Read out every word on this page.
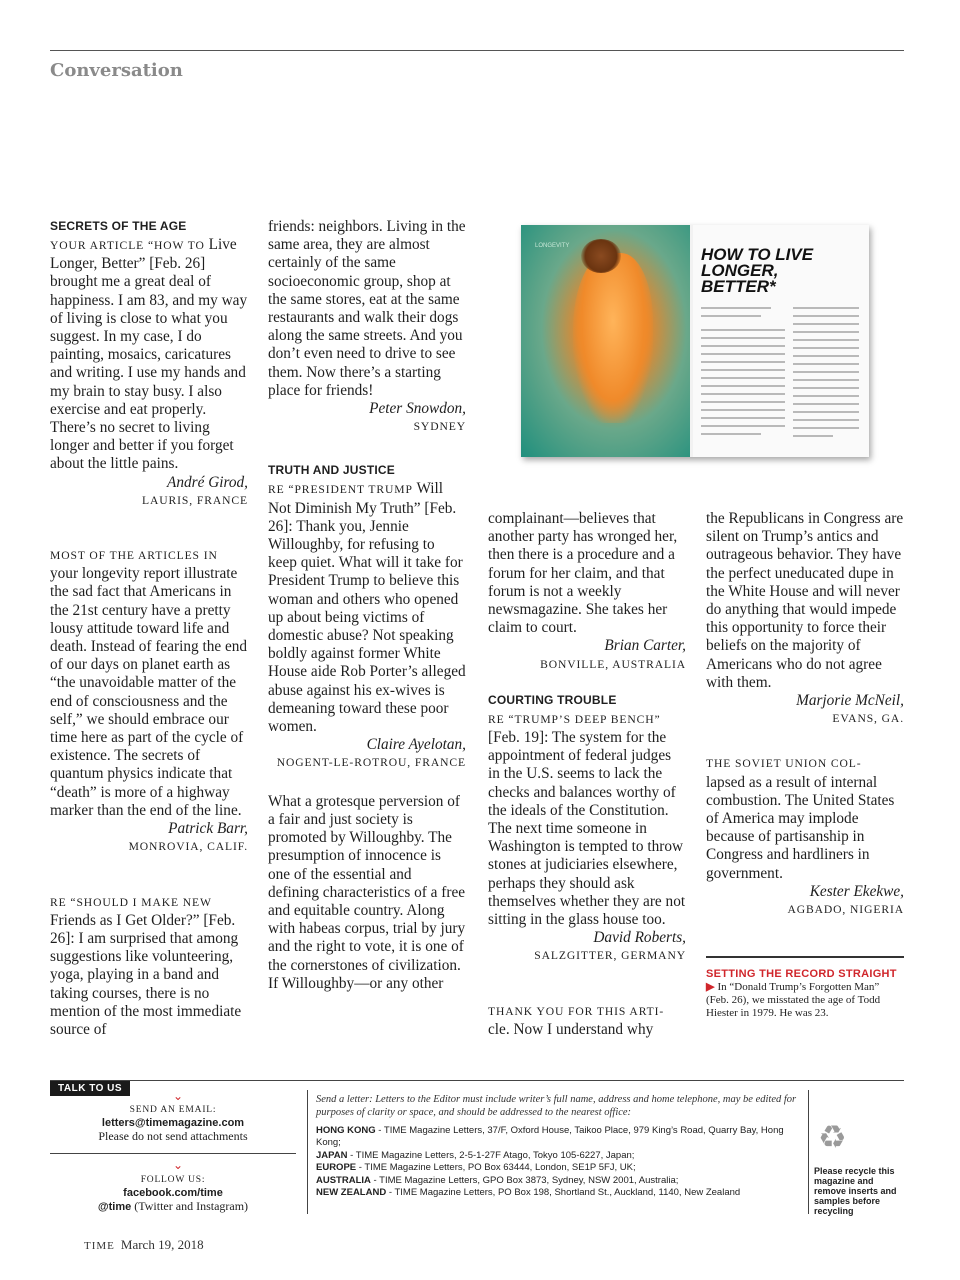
Conversation

SECRETS OF THE AGE

YOUR ARTICLE “HOW TO Live Longer, Better” [Feb. 26] brought me a great deal of happiness. I am 83, and my way of living is close to what you suggest. In my case, I do painting, mosaics, caricatures and writing. I use my hands and my brain to stay busy. I also exercise and eat properly. There’s no secret to living longer and better if you forget about the little pains.

André Girod,

LAURIS, FRANCE

MOST OF THE ARTICLES IN your longevity report illustrate the sad fact that Americans in the 21st century have a pretty lousy attitude toward life and death. Instead of fearing the end of our days on planet earth as “the unavoidable matter of the end of consciousness and the self,” we should embrace our time here as part of the cycle of existence. The secrets of quantum physics indicate that “death” is more of a highway marker than the end of the line.

Patrick Barr,

MONROVIA, CALIF.

RE “SHOULD I MAKE NEW Friends as I Get Older?” [Feb. 26]: I am surprised that among suggestions like volunteering, yoga, playing in a band and taking courses, there is no mention of the most immediate source of

friends: neighbors. Living in the same area, they are almost certainly of the same socioeconomic group, shop at the same stores, eat at the same restaurants and walk their dogs along the same streets. And you don’t even need to drive to see them. Now there’s a starting place for friends!

Peter Snowdon,

SYDNEY

TRUTH AND JUSTICE

RE “PRESIDENT TRUMP Will Not Diminish My Truth” [Feb. 26]: Thank you, Jennie Willoughby, for refusing to keep quiet. What will it take for President Trump to believe this woman and others who opened up about being victims of domestic abuse? Not speaking boldly against former White House aide Rob Porter’s alleged abuse against his ex-wives is demeaning toward these poor women.

Claire Ayelotan,

NOGENT-LE-ROTROU, FRANCE

What a grotesque perversion of a fair and just society is promoted by Willoughby. The presumption of innocence is one of the essential and defining characteristics of a free and equitable country. Along with habeas corpus, trial by jury and the right to vote, it is one of the cornerstones of civilization. If Willoughby—or any other

LONGEVITY	HOW TO LIVE LONGER, BETTER*

complainant—believes that another party has wronged her, then there is a procedure and a forum for her claim, and that forum is not a weekly newsmagazine. She takes her claim to court.

Brian Carter,

BONVILLE, AUSTRALIA

COURTING TROUBLE

RE “TRUMP’S DEEP BENCH” [Feb. 19]: The system for the appointment of federal judges in the U.S. seems to lack the checks and balances worthy of the ideals of the Constitution. The next time someone in Washington is tempted to throw stones at judiciaries elsewhere, perhaps they should ask themselves whether they are not sitting in the glass house too.

David Roberts,

SALZGITTER, GERMANY

THANK YOU FOR THIS ARTI- cle. Now I understand why

the Republicans in Congress are silent on Trump’s antics and outrageous behavior. They have the perfect uneducated dupe in the White House and will never do anything that would impede this opportunity to force their beliefs on the majority of Americans who do not agree with them.

Marjorie McNeil,

EVANS, GA.

THE SOVIET UNION COL- lapsed as a result of internal combustion. The United States of America may implode because of partisanship in Congress and hardliners in government.

Kester Ekekwe,

AGBADO, NIGERIA

SETTING THE RECORD STRAIGHT ▶ In “Donald Trump’s Forgotten Man” (Feb. 26), we misstated the age of Todd Hiester in 1979. He was 23.
TALK TO US
⌄
SEND AN EMAIL:
letters@timemagazine.com
Please do not send attachments
⌄
FOLLOW US:
facebook.com/time
@time (Twitter and Instagram)
Send a letter: Letters to the Editor must include writer’s full name, address and home telephone, may be edited for purposes of clarity or space, and should be addressed to the nearest office:
HONG KONG - TIME Magazine Letters, 37/F, Oxford House, Taikoo Place, 979 King’s Road, Quarry Bay, Hong Kong;
JAPAN - TIME Magazine Letters, 2-5-1-27F Atago, Tokyo 105-6227, Japan;
EUROPE - TIME Magazine Letters, PO Box 63444, London, SE1P 5FJ, UK;
AUSTRALIA - TIME Magazine Letters, GPO Box 3873, Sydney, NSW 2001, Australia;
NEW ZEALAND - TIME Magazine Letters, PO Box 198, Shortland St., Auckland, 1140, New Zealand
♻
Please recycle this magazine and remove inserts and samples before recycling
TIME March 19, 2018
